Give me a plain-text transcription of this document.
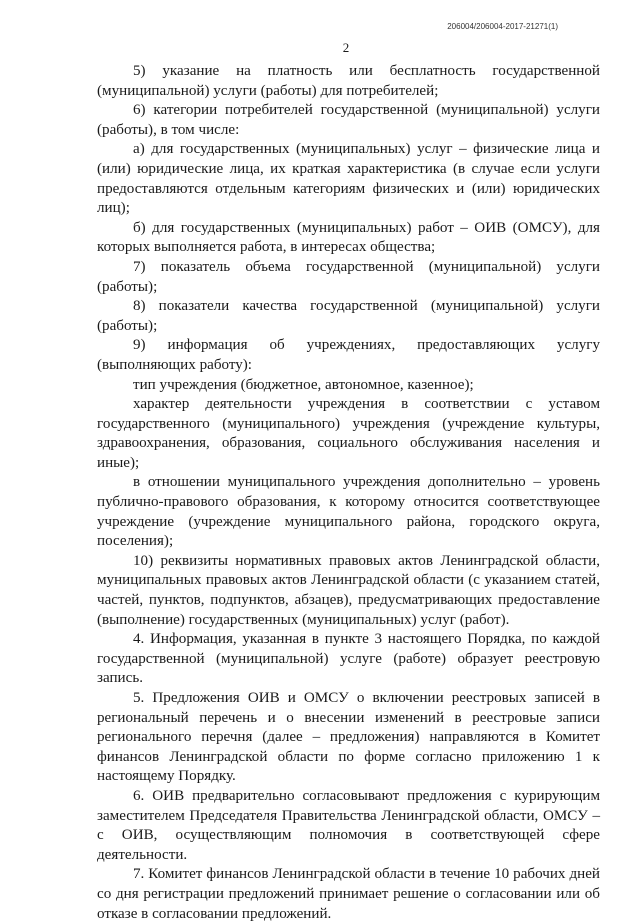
206004/206004-2017-21271(1)
2

5) указание на платность или бесплатность государственной (муниципальной) услуги (работы) для потребителей;

6) категории потребителей государственной (муниципальной) услуги (работы), в том числе:

а) для государственных (муниципальных) услуг – физические лица и (или) юридические лица, их краткая характеристика (в случае если услуги предоставляются отдельным категориям физических и (или) юридических лиц);

б) для государственных (муниципальных) работ – ОИВ (ОМСУ), для которых выполняется работа, в интересах общества;

7) показатель объема государственной (муниципальной) услуги (работы);

8) показатели качества государственной (муниципальной) услуги (работы);

9) информация об учреждениях, предоставляющих услугу (выполняющих работу):

тип учреждения (бюджетное, автономное, казенное);

характер деятельности учреждения в соответствии с уставом государственного (муниципального) учреждения (учреждение культуры, здравоохранения, образования, социального обслуживания населения и иные);

в отношении муниципального учреждения дополнительно – уровень публично-правового образования, к которому относится соответствующее учреждение (учреждение муниципального района, городского округа, поселения);

10) реквизиты нормативных правовых актов Ленинградской области, муниципальных правовых актов Ленинградской области (с указанием статей, частей, пунктов, подпунктов, абзацев), предусматривающих предоставление (выполнение) государственных (муниципальных) услуг (работ).

4. Информация, указанная в пункте 3 настоящего Порядка, по каждой государственной (муниципальной) услуге (работе) образует реестровую запись.

5. Предложения ОИВ и ОМСУ о включении реестровых записей в региональный перечень и о внесении изменений в реестровые записи регионального перечня (далее – предложения) направляются в Комитет финансов Ленинградской области по форме согласно приложению 1 к настоящему Порядку.

6. ОИВ предварительно согласовывают предложения с курирующим заместителем Председателя Правительства Ленинградской области, ОМСУ – с ОИВ, осуществляющим полномочия в соответствующей сфере деятельности.

7. Комитет финансов Ленинградской области в течение 10 рабочих дней со дня регистрации предложений принимает решение о согласовании или об отказе в согласовании предложений.
